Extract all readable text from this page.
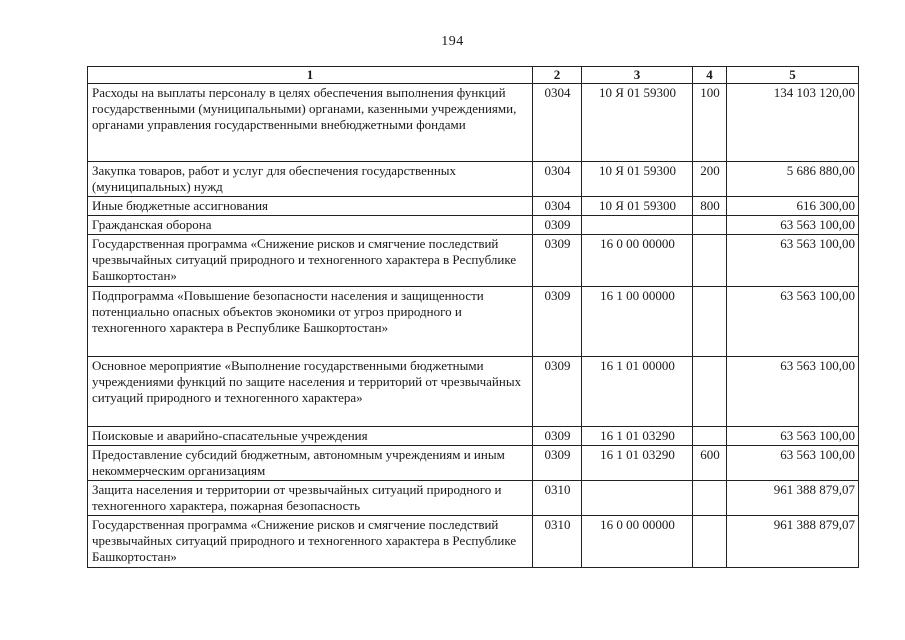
194
1	2	3	4	5
Расходы на выплаты персоналу в целях обеспечения выполнения функций государственными (муниципальными) органами, казенными учреждениями, органами управления государственными внебюджетными фондами	0304	10 Я 01 59300	100	134 103 120,00
Закупка товаров, работ и услуг для обеспечения государственных (муниципальных) нужд	0304	10 Я 01 59300	200	5 686 880,00
Иные бюджетные ассигнования	0304	10 Я 01 59300	800	616 300,00
Гражданская оборона	0309			63 563 100,00
Государственная программа «Снижение рисков и смягчение последствий чрезвычайных ситуаций природного и техногенного характера в Республике Башкортостан»	0309	16 0 00 00000		63 563 100,00
Подпрограмма «Повышение безопасности населения и защищенности потенциально опасных объектов экономики от угроз природного и техногенного характера в Республике Башкортостан»	0309	16 1 00 00000		63 563 100,00
Основное мероприятие «Выполнение государственными бюджетными учреждениями функций по защите населения и территорий от чрезвычайных ситуаций природного и техногенного характера»	0309	16 1 01 00000		63 563 100,00
Поисковые и аварийно-спасательные учреждения	0309	16 1 01 03290		63 563 100,00
Предоставление субсидий бюджетным, автономным учреждениям и иным некоммерческим организациям	0309	16 1 01 03290	600	63 563 100,00
Защита населения и территории от чрезвычайных ситуаций природного и техногенного характера, пожарная безопасность	0310			961 388 879,07
Государственная программа «Снижение рисков и смягчение последствий чрезвычайных ситуаций природного и техногенного характера в Республике Башкортостан»	0310	16 0 00 00000		961 388 879,07
